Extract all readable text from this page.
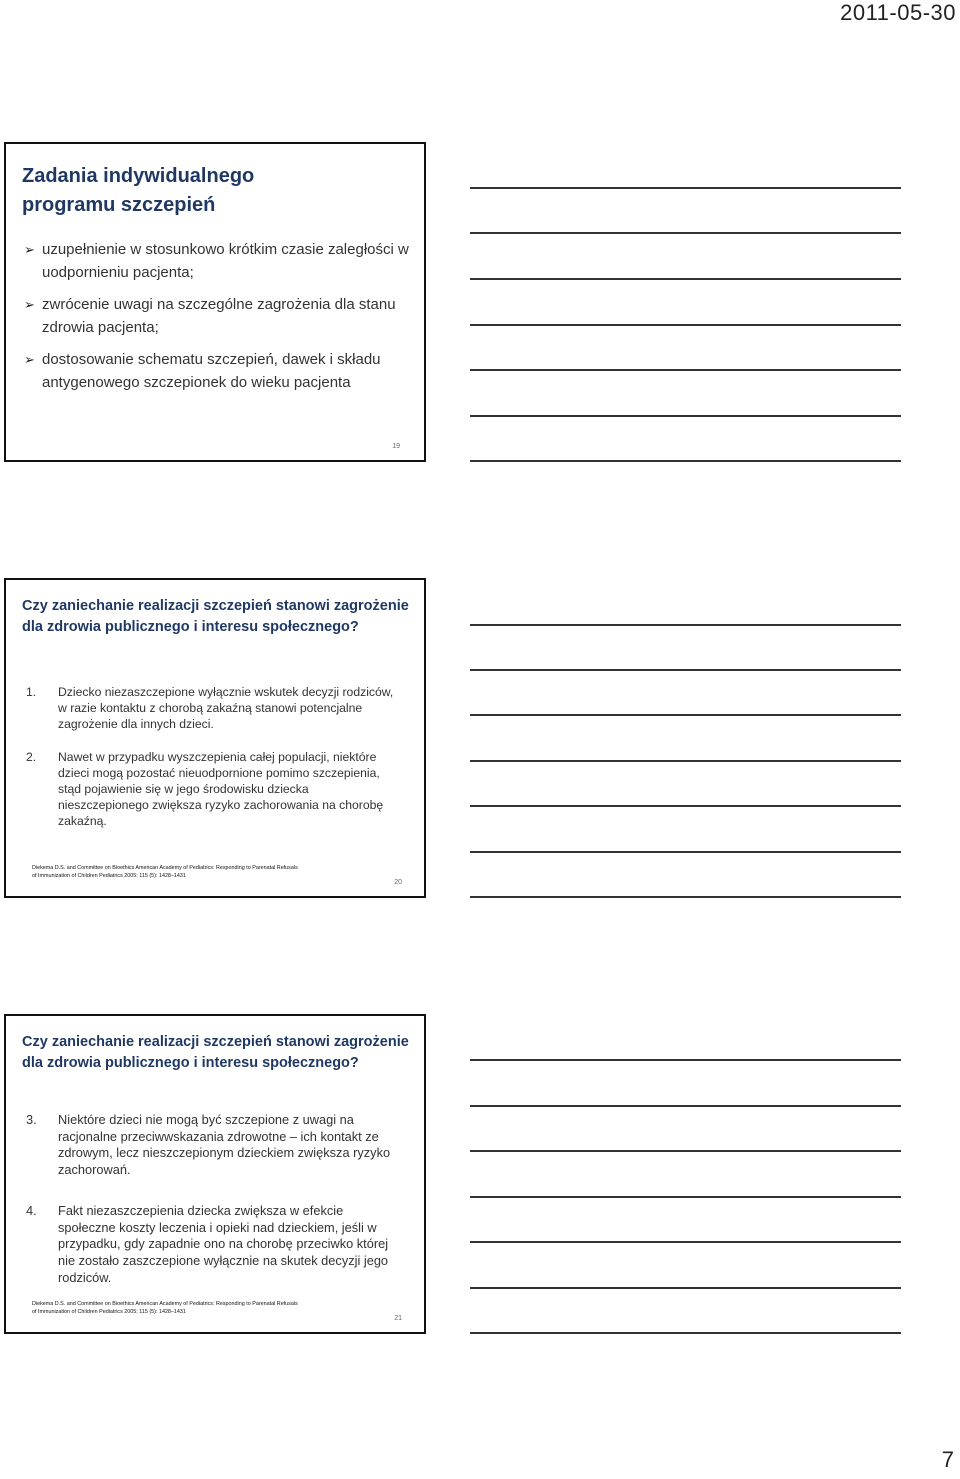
2011-05-30
Zadania indywidualnego programu szczepień
➢ uzupełnienie w stosunkowo krótkim czasie zaległości w uodpornieniu pacjenta;
➢ zwrócenie uwagi na szczególne zagrożenia dla stanu zdrowia pacjenta;
➢ dostosowanie schematu szczepień, dawek i składu antygenowego szczepionek do wieku pacjenta
19
Czy zaniechanie realizacji szczepień stanowi zagrożenie dla zdrowia publicznego i interesu społecznego?
1. Dziecko niezaszczepione wyłącznie wskutek decyzji rodziców, w razie kontaktu z chorobą zakaźną stanowi potencjalne zagrożenie dla innych dzieci.
2. Nawet w przypadku wyszczepienia całej populacji, niektóre dzieci mogą pozostać nieuodpornione pomimo szczepienia, stąd pojawienie się w jego środowisku dziecka nieszczepionego zwiększa ryzyko zachorowania na chorobę zakaźną.
Diekema D.S. and Committee on Bioethics American Academy of Pediatrics: Responding to Parenatal Refusals
of Immunization of Children Pediatrics 2005; 115 (5): 1428–1431
20
Czy zaniechanie realizacji szczepień stanowi zagrożenie dla zdrowia publicznego i interesu społecznego?
3. Niektóre dzieci nie mogą być szczepione z uwagi na racjonalne przeciwwskazania zdrowotne – ich kontakt ze zdrowym, lecz nieszczepionym dzieckiem zwiększa ryzyko zachorowań.
4. Fakt niezaszczepienia dziecka zwiększa w efekcie społeczne koszty leczenia i opieki nad dzieckiem, jeśli w przypadku, gdy zapadnie ono na chorobę przeciwko której nie zostało zaszczepione wyłącznie na skutek decyzji jego rodziców.
Diekema D.S. and Committee on Bioethics American Academy of Pediatrics: Responding to Parenatal Refusals
of Immunization of Children Pediatrics 2005; 115 (5): 1428–1431
21
7
